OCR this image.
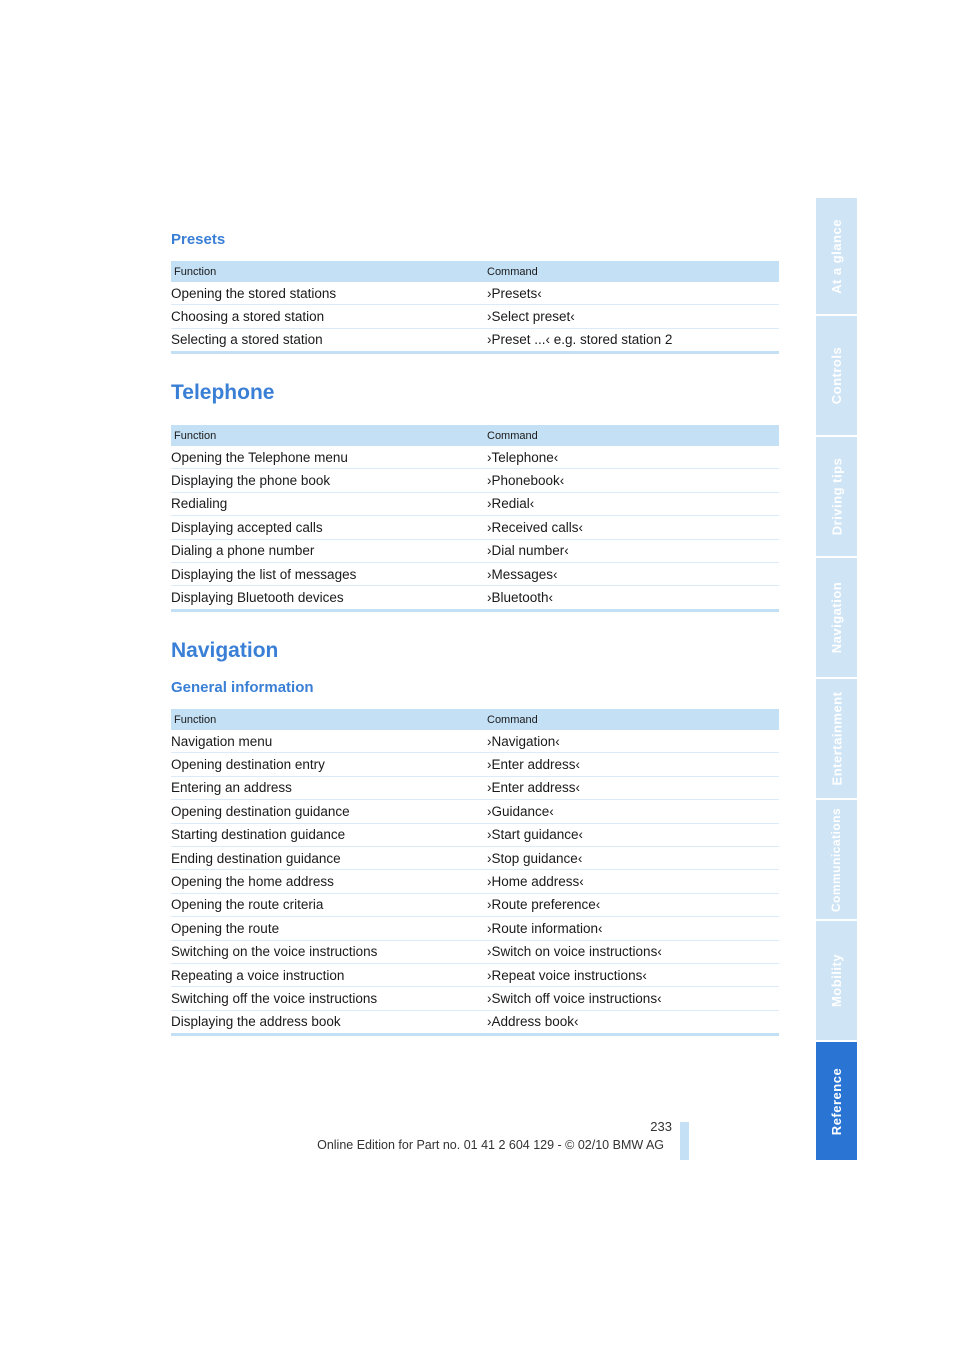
Presets
Function	Command
Opening the stored stations	›Presets‹
Choosing a stored station	›Select preset‹
Selecting a stored station	›Preset ...‹ e.g. stored station 2
Telephone
Function	Command
Opening the Telephone menu	›Telephone‹
Displaying the phone book	›Phonebook‹
Redialing	›Redial‹
Displaying accepted calls	›Received calls‹
Dialing a phone number	›Dial number‹
Displaying the list of messages	›Messages‹
Displaying Bluetooth devices	›Bluetooth‹
Navigation
General information
Function	Command
Navigation menu	›Navigation‹
Opening destination entry	›Enter address‹
Entering an address	›Enter address‹
Opening destination guidance	›Guidance‹
Starting destination guidance	›Start guidance‹
Ending destination guidance	›Stop guidance‹
Opening the home address	›Home address‹
Opening the route criteria	›Route preference‹
Opening the route	›Route information‹
Switching on the voice instructions	›Switch on voice instructions‹
Repeating a voice instruction	›Repeat voice instructions‹
Switching off the voice instructions	›Switch off voice instructions‹
Displaying the address book	›Address book‹
At a glance
Controls
Driving tips
Navigation
Entertainment
Communications
Mobility
Reference
233
Online Edition for Part no. 01 41 2 604 129 - © 02/10 BMW AG
